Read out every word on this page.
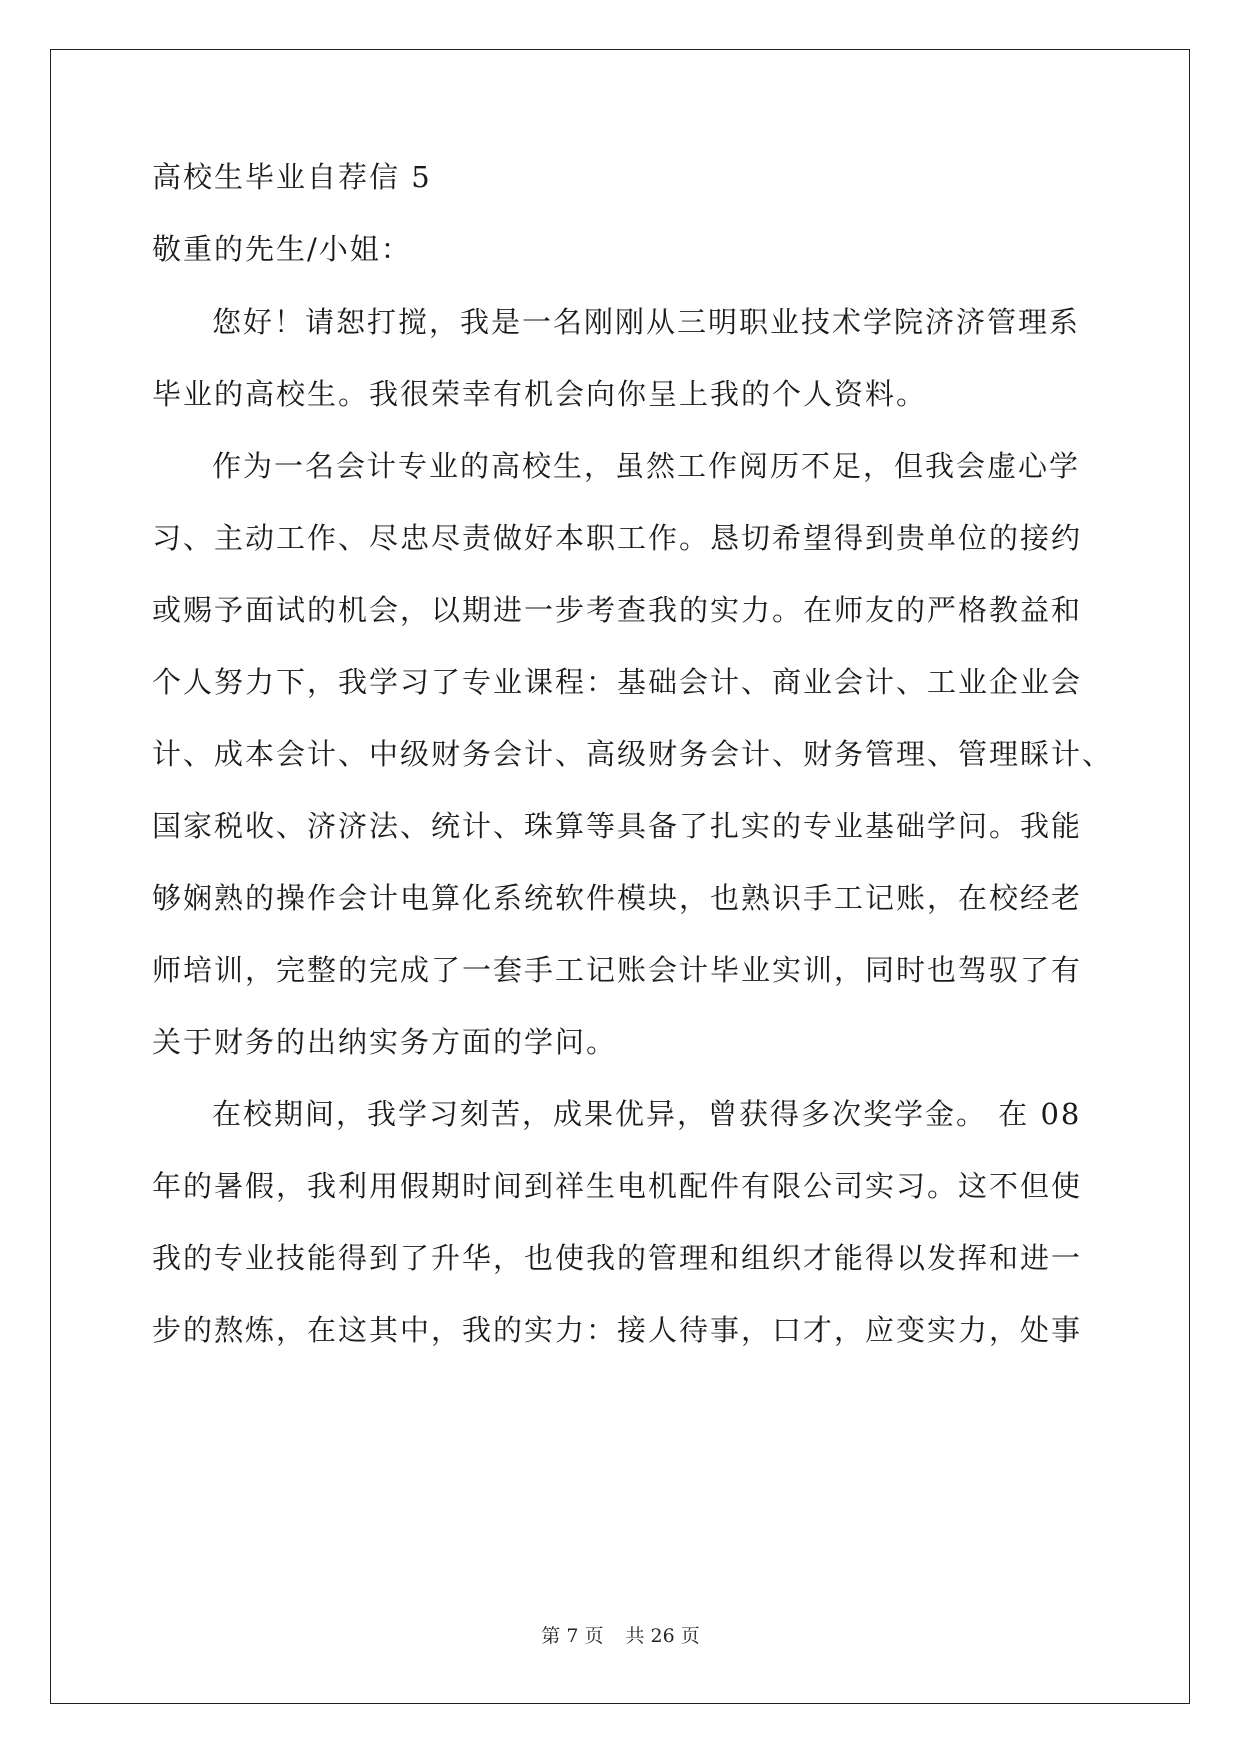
高校生毕业自荐信 5
敬重的先生/小姐：
您好！请恕打搅，我是一名刚刚从三明职业技术学院济济管理系
毕业的高校生。我很荣幸有机会向你呈上我的个人资料。
作为一名会计专业的高校生，虽然工作阅历不足，但我会虚心学
习、主动工作、尽忠尽责做好本职工作。恳切希望得到贵单位的接约
或赐予面试的机会，以期进一步考查我的实力。在师友的严格教益和
个人努力下，我学习了专业课程：基础会计、商业会计、工业企业会
计、成本会计、中级财务会计、高级财务会计、财务管理、管理睬计、
国家税收、济济法、统计、珠算等具备了扎实的专业基础学问。我能
够娴熟的操作会计电算化系统软件模块，也熟识手工记账，在校经老
师培训，完整的完成了一套手工记账会计毕业实训，同时也驾驭了有
关于财务的出纳实务方面的学问。
在校期间，我学习刻苦，成果优异，曾获得多次奖学金。 在 08
年的暑假，我利用假期时间到祥生电机配件有限公司实习。这不但使
我的专业技能得到了升华，也使我的管理和组织才能得以发挥和进一
步的熬炼，在这其中，我的实力：接人待事，口才，应变实力，处事
第 7 页 共 26 页
